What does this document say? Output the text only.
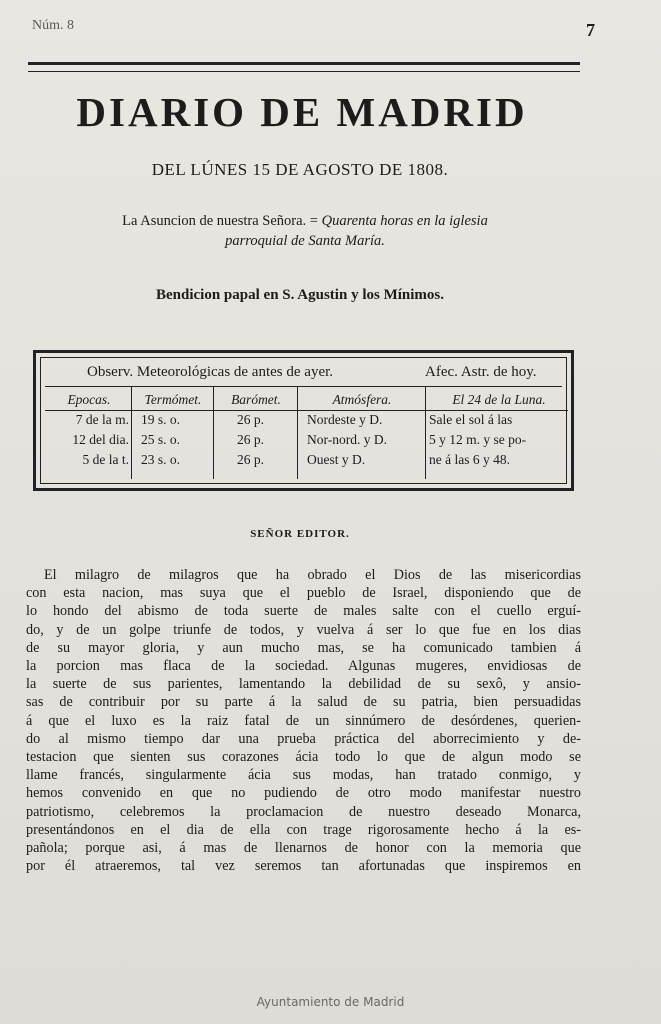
Núm. 8	7
DIARIO DE MADRID
DEL LÚNES 15 DE AGOSTO DE 1808.
La Asuncion de nuestra Señora. = Quarenta horas en la iglesia
parroquial de Santa María.
Bendicion papal en S. Agustin y los Mínimos.
Observ. Meteorológicas de antes de ayer.	Afec. Astr. de hoy.
Epocas.
7 de la m.
12 del dia.
5 de la t.
Termómet.
19 s. o.
25 s. o.
23 s. o.
Barómet.
26 p.
26 p.
26 p.
Atmósfera.
Nordeste y D.
Nor-nord. y D.
Ouest y D.
El 24 de la Luna.
Sale el sol á las
5 y 12 m. y se po-
ne á las 6 y 48.
SEÑOR EDITOR.
El milagro de milagros que ha obrado el Dios de las misericordias
con esta nacion, mas suya que el pueblo de Israel, disponiendo que de
lo hondo del abismo de toda suerte de males salte con el cuello erguí-
do, y de un golpe triunfe de todos, y vuelva á ser lo que fue en los dias
de su mayor gloria, y aun mucho mas, se ha comunicado tambien á
la porcion mas flaca de la sociedad. Algunas mugeres, envidiosas de
la suerte de sus parientes, lamentando la debilidad de su sexô, y ansio-
sas de contribuir por su parte á la salud de su patria, bien persuadidas
á que el luxo es la raiz fatal de un sinnúmero de desórdenes, querien-
do al mismo tiempo dar una prueba práctica del aborrecimiento y de-
testacion que sienten sus corazones ácia todo lo que de algun modo se
llame francés, singularmente ácia sus modas, han tratado conmigo, y
hemos convenido en que no pudiendo de otro modo manifestar nuestro
patriotismo, celebremos la proclamacion de nuestro deseado Monarca,
presentándonos en el dia de ella con trage rigorosamente hecho á la es-
pañola; porque asi, á mas de llenarnos de honor con la memoria que
por él atraeremos, tal vez seremos tan afortunadas que inspiremos en
Ayuntamiento de Madrid
